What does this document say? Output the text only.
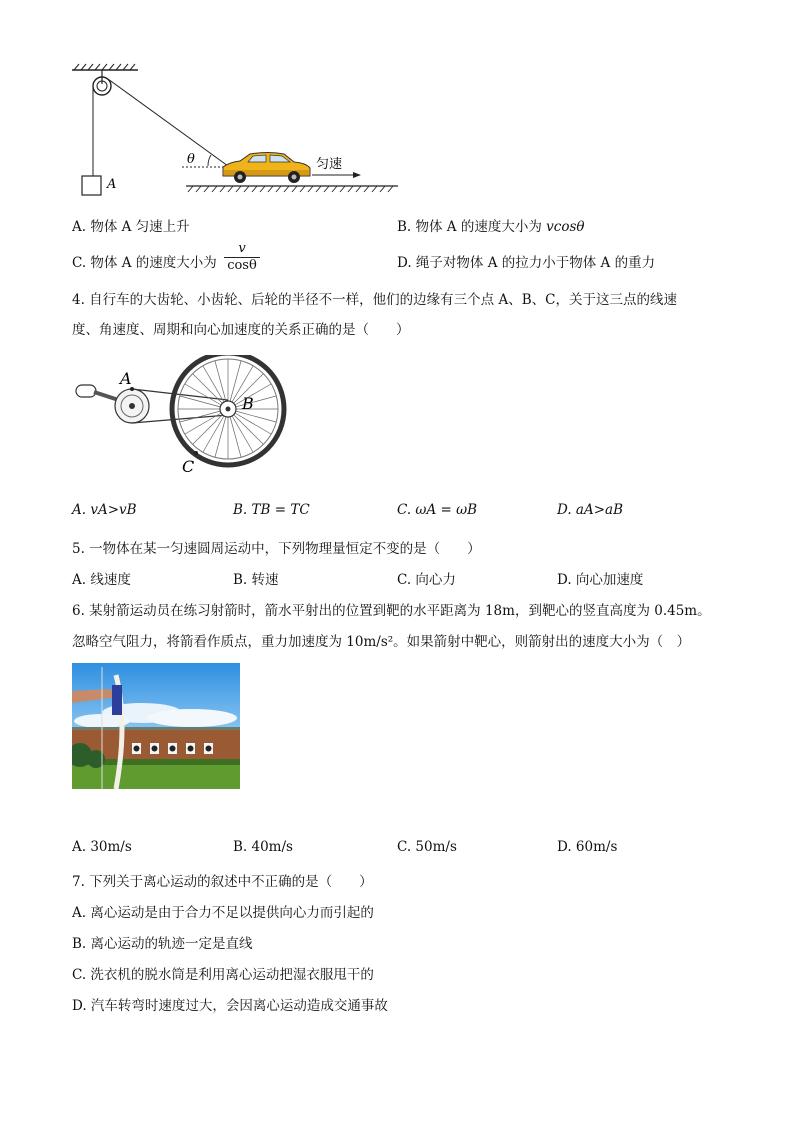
A
θ	匀速
A. 物体 A 匀速上升	B. 物体 A 的速度大小为 vcosθ
C. 物体 A 的速度大小为
v
cosθ	D. 绳子对物体 A 的拉力小于物体 A 的重力
4. 自行车的大齿轮、小齿轮、后轮的半径不一样，他们的边缘有三个点 A、B、C，关于这三点的线速
度、角速度、周期和向心加速度的关系正确的是（　　）
A
B
C
A. vA>vB	B. TB = TC	C. ωA = ωB	D. aA>aB
5. 一物体在某一匀速圆周运动中，下列物理量恒定不变的是（　　）
A. 线速度	B. 转速	C. 向心力	D. 向心加速度
6. 某射箭运动员在练习射箭时，箭水平射出的位置到靶的水平距离为 18m，到靶心的竖直高度为 0.45m。
忽略空气阻力，将箭看作质点，重力加速度为 10m/s²。如果箭射中靶心，则箭射出的速度大小为（　）
A. 30m/s	B. 40m/s	C. 50m/s	D. 60m/s
7. 下列关于离心运动的叙述中不正确的是（　　）
A. 离心运动是由于合力不足以提供向心力而引起的
B. 离心运动的轨迹一定是直线
C. 洗衣机的脱水筒是利用离心运动把湿衣服甩干的
D. 汽车转弯时速度过大，会因离心运动造成交通事故
